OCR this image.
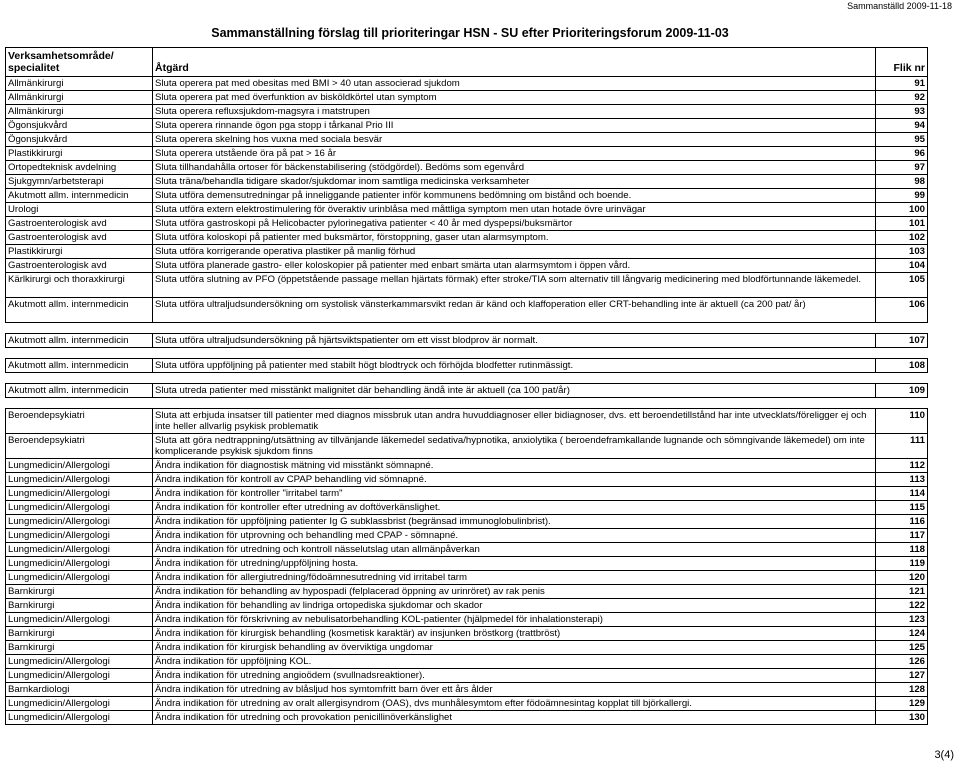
Sammanställd 2009-11-18
Sammanställning förslag till prioriteringar HSN - SU efter Prioriteringsforum 2009-11-03
Verksamhetsområde/
specialitet	Åtgärd	Flik nr
Allmänkirurgi	Sluta operera pat med obesitas med BMI > 40 utan associerad sjukdom	91
Allmänkirurgi	Sluta operera pat med överfunktion av bisköldkörtel utan symptom	92
Allmänkirurgi	Sluta operera refluxsjukdom-magsyra i matstrupen	93
Ögonsjukvård	Sluta operera rinnande ögon pga stopp i tårkanal Prio III	94
Ögonsjukvård	Sluta operera skelning hos vuxna med sociala besvär	95
Plastikkirurgi	Sluta operera utstående öra på pat > 16 år	96
Ortopedteknisk avdelning	Sluta tillhandahålla ortoser för bäckenstabilisering (stödgördel). Bedöms som egenvård	97
Sjukgymn/arbetsterapi	Sluta träna/behandla tidigare skador/sjukdomar inom samtliga medicinska verksamheter	98
Akutmott allm. internmedicin	Sluta utföra demensutredningar på inneliggande patienter inför kommunens bedömning om bistånd och boende.	99
Urologi	Sluta utföra extern elektrostimulering för överaktiv urinblåsa med måttliga symptom men utan hotade övre urinvägar	100
Gastroenterologisk avd	Sluta utföra gastroskopi på Helicobacter pylorinegativa patienter < 40 år med dyspepsi/buksmärtor	101
Gastroenterologisk avd	Sluta utföra koloskopi på patienter med buksmärtor, förstoppning, gaser utan alarmsymptom.	102
Plastikkirurgi	Sluta utföra korrigerande operativa plastiker på manlig förhud	103
Gastroenterologisk avd	Sluta utföra planerade gastro- eller koloskopier på patienter med enbart smärta utan alarmsymtom i öppen vård.	104
Kärlkirurgi och thoraxkirurgi	Sluta utföra slutning av PFO (öppetstående passage mellan hjärtats förmak) efter stroke/TIA som alternativ till långvarig medicinering med blodförtunnande läkemedel.	105
Akutmott allm. internmedicin	Sluta utföra ultraljudsundersökning om systolisk vänsterkammarsvikt redan är känd och klaffoperation eller CRT-behandling inte är aktuell (ca 200 pat/ år)	106

Akutmott allm. internmedicin	Sluta utföra ultraljudsundersökning på hjärtsviktspatienter om ett visst blodprov är normalt.	107

Akutmott allm. internmedicin	Sluta utföra uppföljning på patienter med stabilt högt blodtryck och förhöjda blodfetter rutinmässigt.	108

Akutmott allm. internmedicin	Sluta utreda patienter med misstänkt malignitet där behandling ändå inte är aktuell (ca 100 pat/år)	109

Beroendepsykiatri	Sluta att erbjuda insatser till patienter med diagnos missbruk utan andra huvuddiagnoser eller bidiagnoser, dvs. ett beroendetillstånd har inte utvecklats/föreligger ej och inte heller allvarlig psykisk problematik	110
Beroendepsykiatri	Sluta att göra nedtrappning/utsättning av tillvänjande läkemedel sedativa/hypnotika, anxiolytika ( beroendeframkallande lugnande och sömngivande läkemedel) om inte komplicerande psykisk sjukdom finns	111
Lungmedicin/Allergologi	Ändra indikation för diagnostisk mätning vid misstänkt sömnapné.	112
Lungmedicin/Allergologi	Ändra indikation för kontroll av CPAP behandling vid sömnapné.	113
Lungmedicin/Allergologi	Ändra indikation för kontroller "irritabel tarm"	114
Lungmedicin/Allergologi	Ändra indikation för kontroller efter utredning av doftöverkänslighet.	115
Lungmedicin/Allergologi	Ändra indikation för uppföljning patienter Ig G subklassbrist (begränsad immunoglobulinbrist).	116
Lungmedicin/Allergologi	Ändra indikation för utprovning och behandling med CPAP - sömnapné.	117
Lungmedicin/Allergologi	Ändra indikation för utredning och kontroll nässelutslag utan allmänpåverkan	118
Lungmedicin/Allergologi	Ändra indikation för utredning/uppföljning hosta.	119
Lungmedicin/Allergologi	Ändra indikation för allergiutredning/födoämnesutredning vid irritabel tarm	120
Barnkirurgi	Ändra indikation för behandling av hypospadi (felplacerad öppning av urinröret) av rak penis	121
Barnkirurgi	Ändra indikation för behandling av lindriga ortopediska sjukdomar och skador	122
Lungmedicin/Allergologi	Ändra indikation för förskrivning av nebulisatorbehandling KOL-patienter (hjälpmedel för inhalationsterapi)	123
Barnkirurgi	Ändra indikation för kirurgisk behandling (kosmetisk karaktär) av insjunken bröstkorg (trattbröst)	124
Barnkirurgi	Ändra indikation för kirurgisk behandling av överviktiga ungdomar	125
Lungmedicin/Allergologi	Ändra indikation för uppföljning KOL.	126
Lungmedicin/Allergologi	Ändra indikation för utredning angioödem (svullnadsreaktioner).	127
Barnkardiologi	Ändra indikation för utredning av blåsljud hos symtomfritt barn över ett års ålder	128
Lungmedicin/Allergologi	Ändra indikation för utredning av oralt allergisyndrom (OAS), dvs munhålesymtom efter födoämnesintag kopplat till björkallergi.	129
Lungmedicin/Allergologi	Ändra indikation för utredning och provokation penicillinöverkänslighet	130
3(4)
